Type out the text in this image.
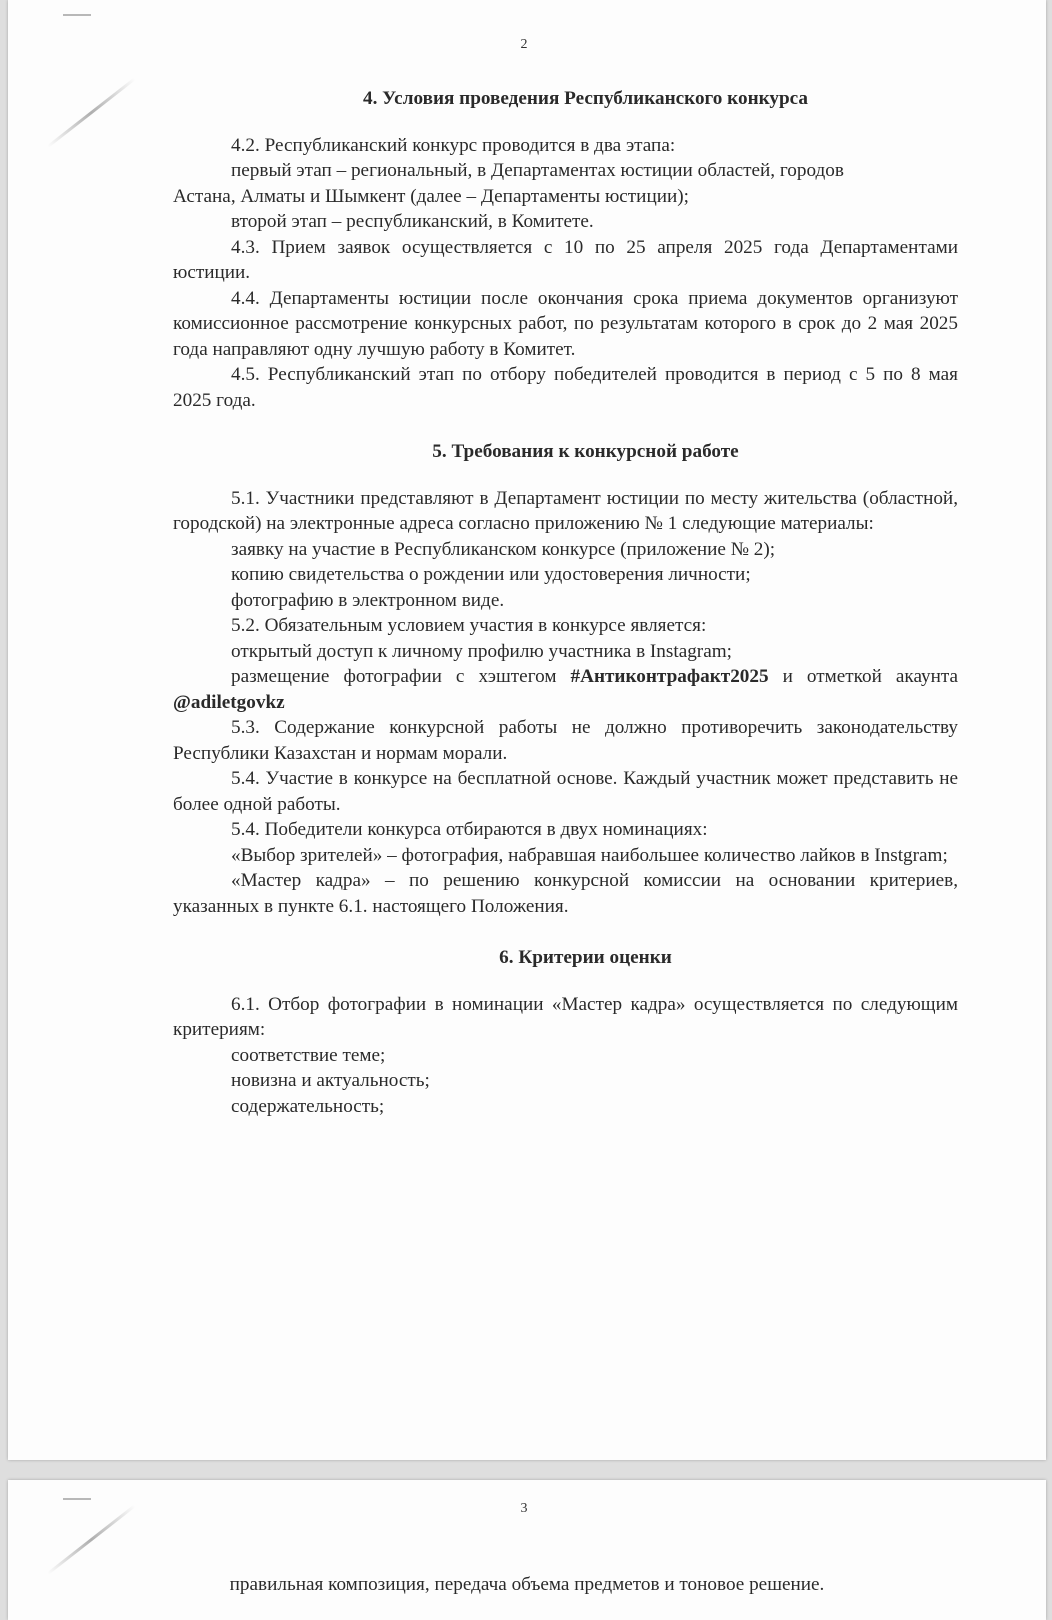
2

4. Условия проведения Республиканского конкурса

4.2. Республиканский конкурс проводится в два этапа:

первый этап – региональный, в Департаментах юстиции областей, городов

Астана, Алматы и Шымкент (далее – Департаменты юстиции);

второй этап – республиканский, в Комитете.

4.3. Прием заявок осуществляется с 10 по 25 апреля 2025 года Департаментами юстиции.

4.4. Департаменты юстиции после окончания срока приема документов организуют комиссионное рассмотрение конкурсных работ, по результатам которого в срок до 2 мая 2025 года направляют одну лучшую работу в Комитет.

4.5. Республиканский этап по отбору победителей проводится в период с 5 по 8 мая 2025 года.

5. Требования к конкурсной работе

5.1. Участники представляют в Департамент юстиции по месту жительства (областной, городской) на электронные адреса согласно приложению № 1 следующие материалы:

заявку на участие в Республиканском конкурсе (приложение № 2);

копию свидетельства о рождении или удостоверения личности;

фотографию в электронном виде.

5.2. Обязательным условием участия в конкурсе является:

открытый доступ к личному профилю участника в Instagram;

размещение фотографии с хэштегом #Антиконтрафакт2025 и отметкой акаунта @adiletgovkz

5.3. Содержание конкурсной работы не должно противоречить законодательству Республики Казахстан и нормам морали.

5.4. Участие в конкурсе на бесплатной основе. Каждый участник может представить не более одной работы.

5.4. Победители конкурса отбираются в двух номинациях:

«Выбор зрителей» – фотография, набравшая наибольшее количество лайков в Instgram;

«Мастер кадра» – по решению конкурсной комиссии на основании критериев, указанных в пункте 6.1. настоящего Положения.

6. Критерии оценки

6.1. Отбор фотографии в номинации «Мастер кадра» осуществляется по следующим критериям:

соответствие теме;

новизна и актуальность;

содержательность;

3
правильная композиция, передача объема предметов и тоновое решение.
